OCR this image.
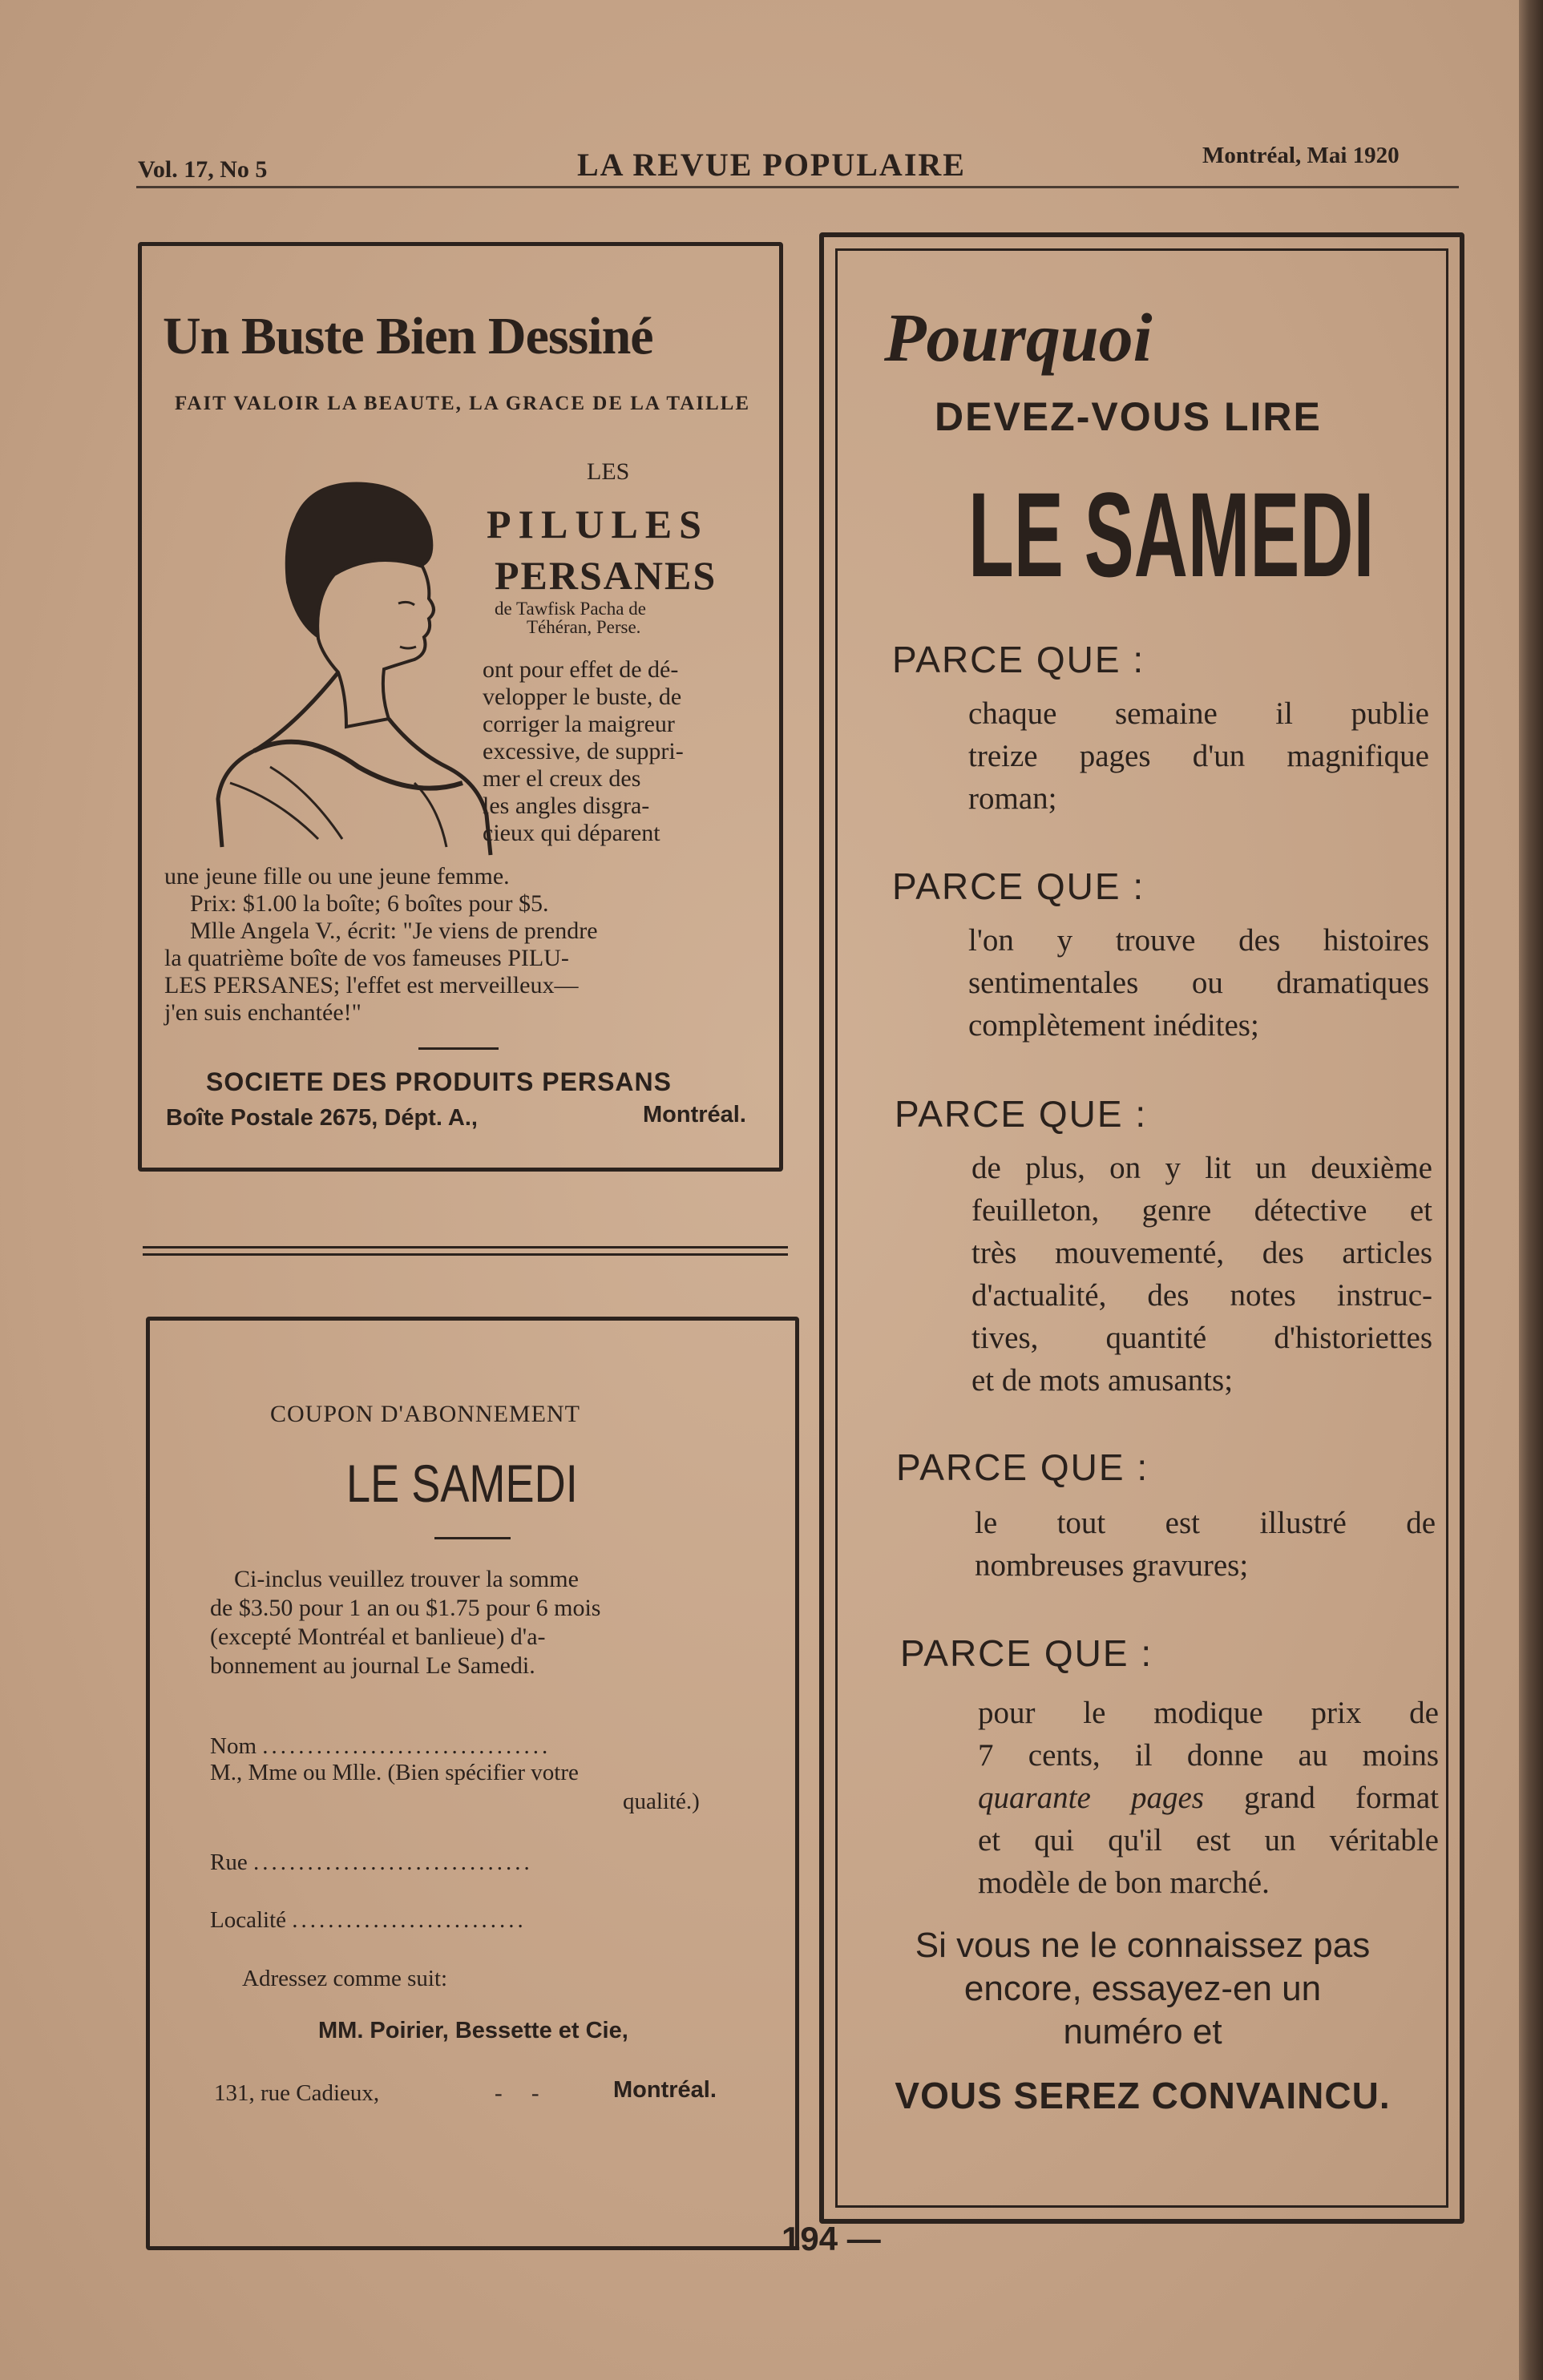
Vol. 17, No 5	LA REVUE POPULAIRE	Montréal, Mai 1920
Un Buste Bien Dessiné
FAIT VALOIR LA BEAUTE, LA GRACE DE LA TAILLE
LES
PILULES
PERSANES
de Tawfisk Pacha de
Téhéran, Perse.
ont pour effet de dé-
velopper le buste, de
corriger la maigreur
excessive, de suppri-
mer el creux des
les angles disgra-
cieux qui déparent
une jeune fille ou une jeune femme.
Prix: $1.00 la boîte; 6 boîtes pour $5.
Mlle Angela V., écrit: "Je viens de prendre
la quatrième boîte de vos fameuses PILU-
LES PERSANES; l'effet est merveilleux—
j'en suis enchantée!"
SOCIETE DES PRODUITS PERSANS
Boîte Postale 2675, Dépt. A.,	Montréal.
COUPON D'ABONNEMENT
LE SAMEDI
Ci-inclus veuillez trouver la somme
de $3.50 pour 1 an ou $1.75 pour 6 mois
(excepté Montréal et banlieue) d'a-
bonnement au journal Le Samedi.
Nom ................................
M., Mme ou Mlle. (Bien spécifier votre
qualité.)
Rue ...............................
Localité ..........................
Adressez comme suit:
MM. Poirier, Bessette et Cie,
131, rue Cadieux,	-     -	Montréal.
Pourquoi
DEVEZ-VOUS LIRE
LE SAMEDI
PARCE QUE :
chaque semaine il publie
treize pages d'un magnifique
roman;
PARCE QUE :
l'on y trouve des histoires
sentimentales ou dramatiques
complètement inédites;
PARCE QUE :
de plus, on y lit un deuxième
feuilleton, genre détective et
très mouvementé, des articles
d'actualité, des notes instruc-
tives, quantité d'historiettes
et de mots amusants;
PARCE QUE :
le tout est illustré de
nombreuses gravures;
PARCE QUE :
pour le modique prix de
7 cents, il donne au moins
quarante pages grand format
et qui qu'il est un véritable
modèle de bon marché.
Si vous ne le connaissez pas
encore, essayez-en un
numéro et
VOUS SEREZ CONVAINCU.
194 —
